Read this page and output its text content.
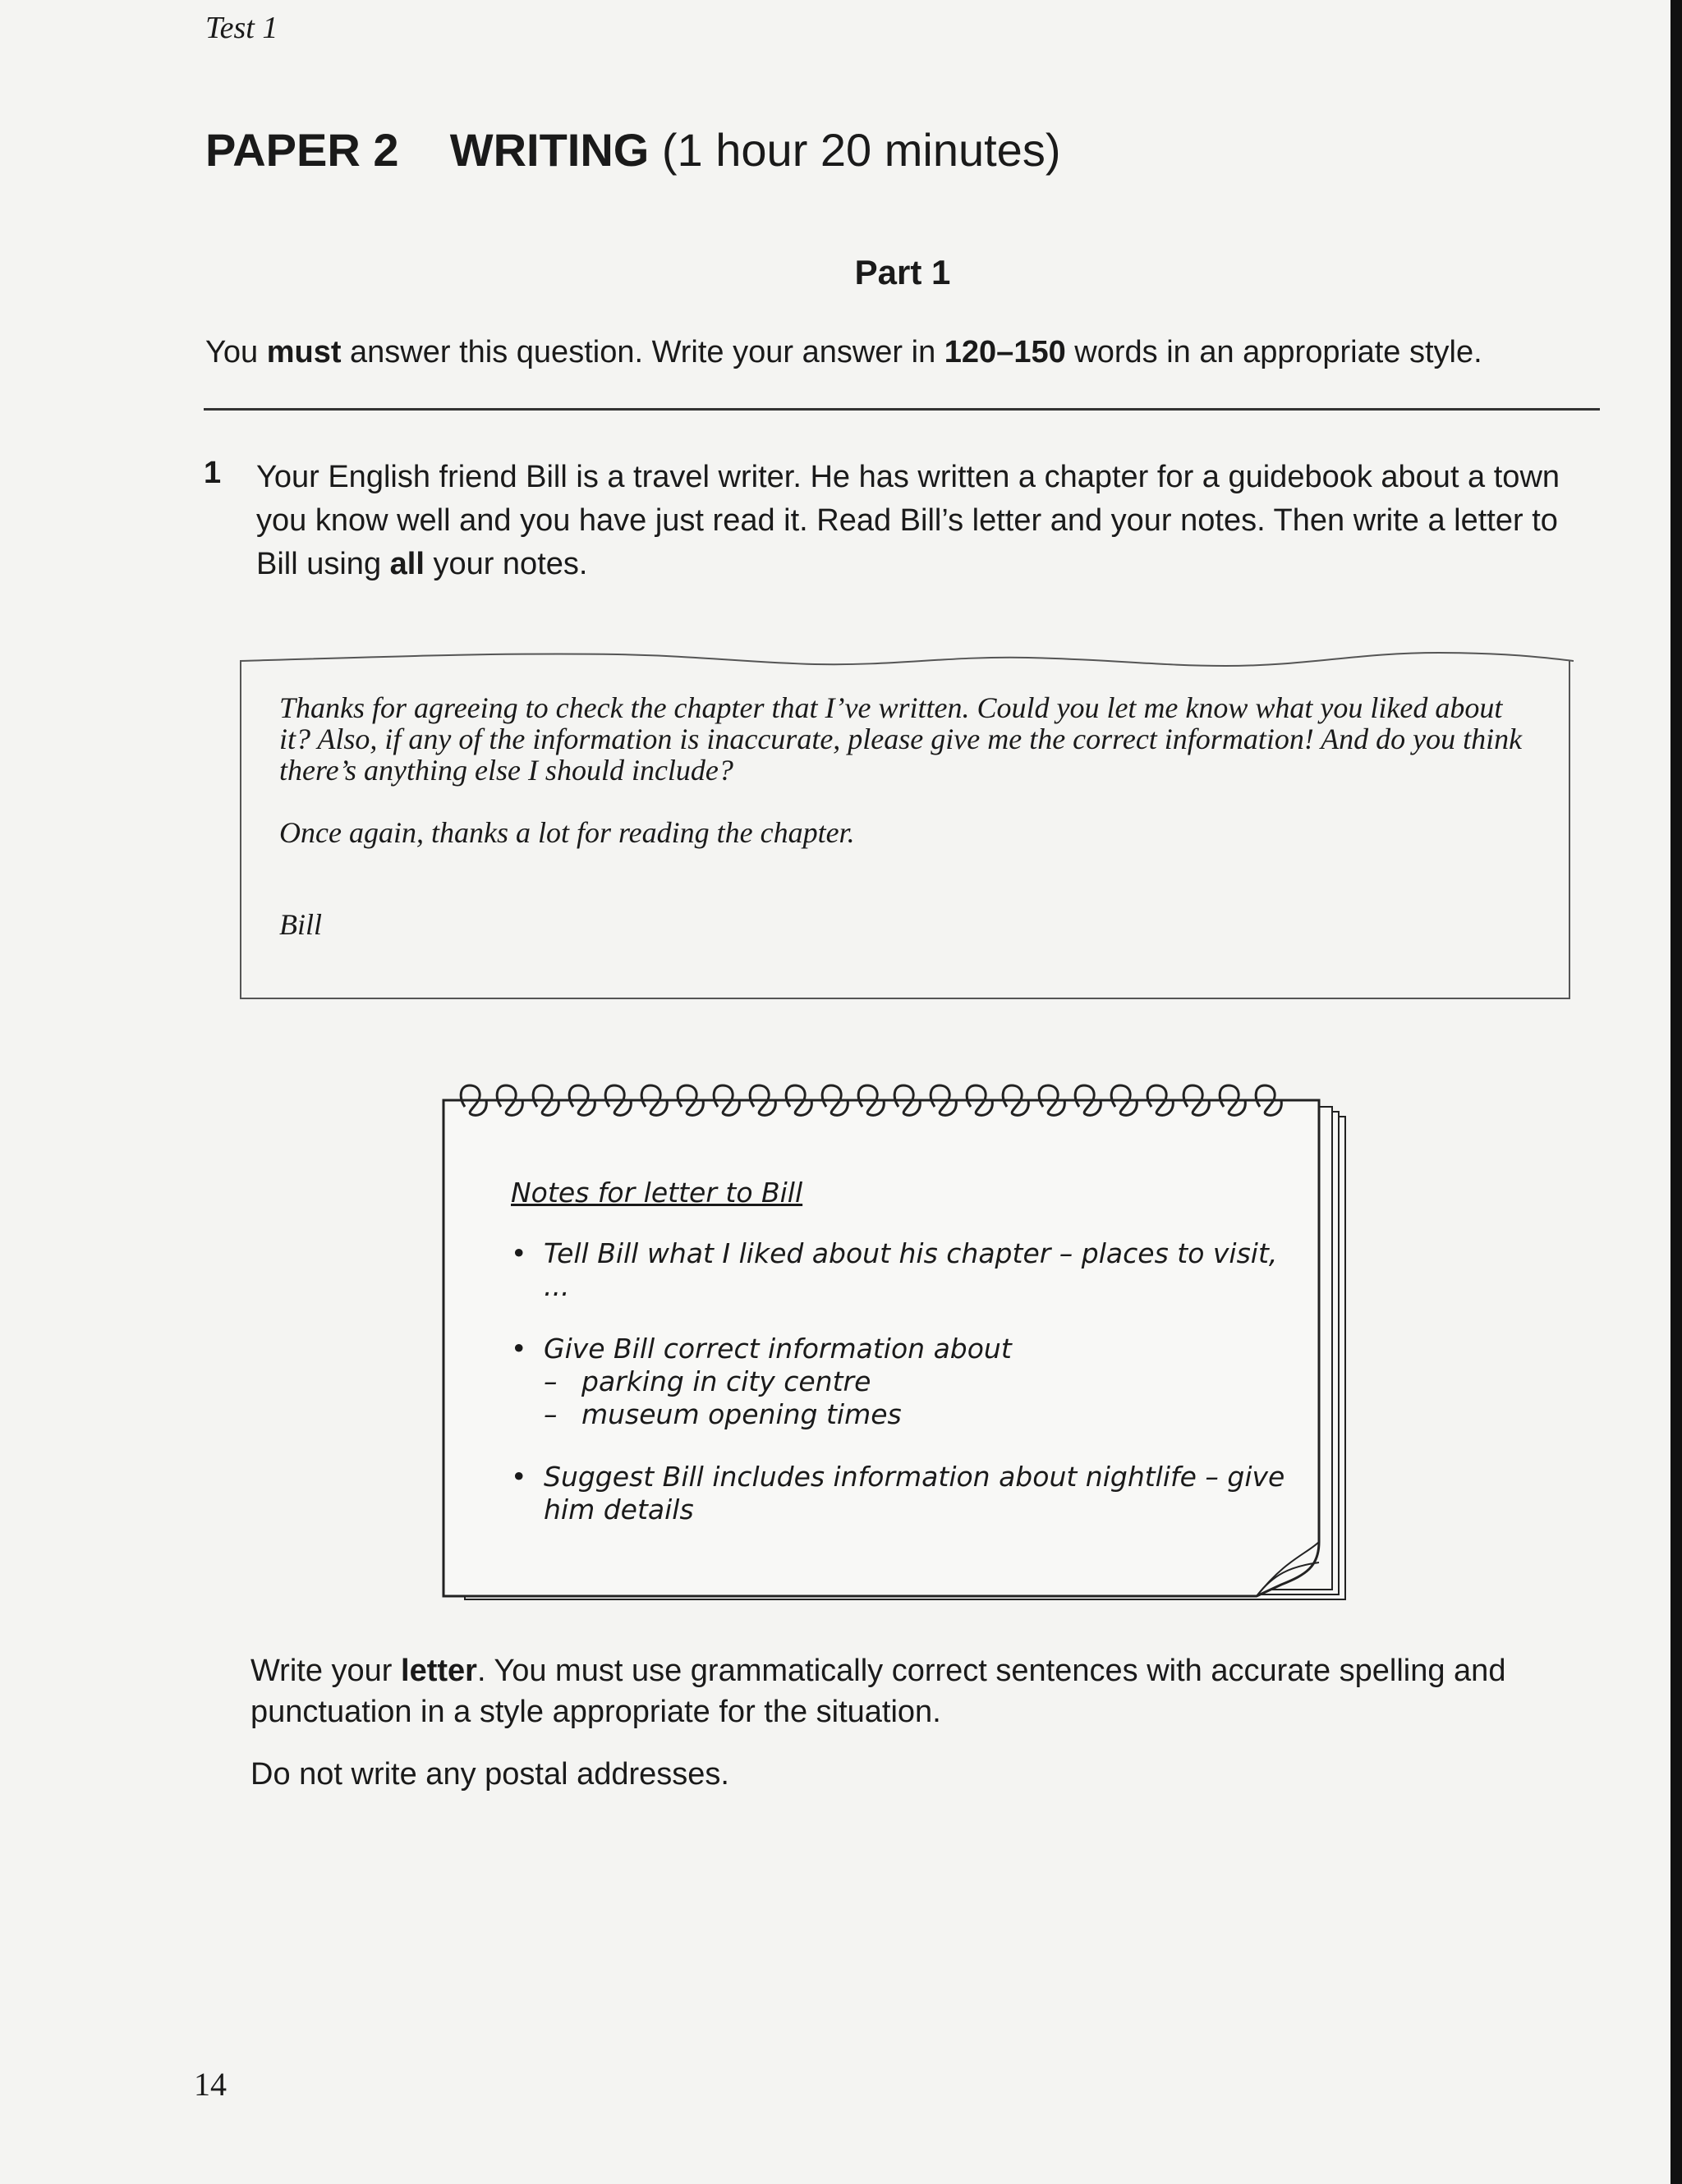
Test 1
PAPER 2 WRITING (1 hour 20 minutes)
Part 1
You must answer this question. Write your answer in 120–150 words in an appropriate style.
1 Your English friend Bill is a travel writer. He has written a chapter for a guidebook about a town you know well and you have just read it. Read Bill’s letter and your notes. Then write a letter to Bill using all your notes.

Thanks for agreeing to check the chapter that I’ve written. Could you let me know what you liked about it? Also, if any of the information is inaccurate, please give me the correct information! And do you think there’s anything else I should include?

Once again, thanks a lot for reading the chapter.

Bill
Notes for letter to Bill
• Tell Bill what I liked about his chapter – places to visit, ...
• Give Bill correct information about
– parking in city centre
– museum opening times
• Suggest Bill includes information about nightlife – give him details

Write your letter. You must use grammatically correct sentences with accurate spelling and punctuation in a style appropriate for the situation.

Do not write any postal addresses.

14
